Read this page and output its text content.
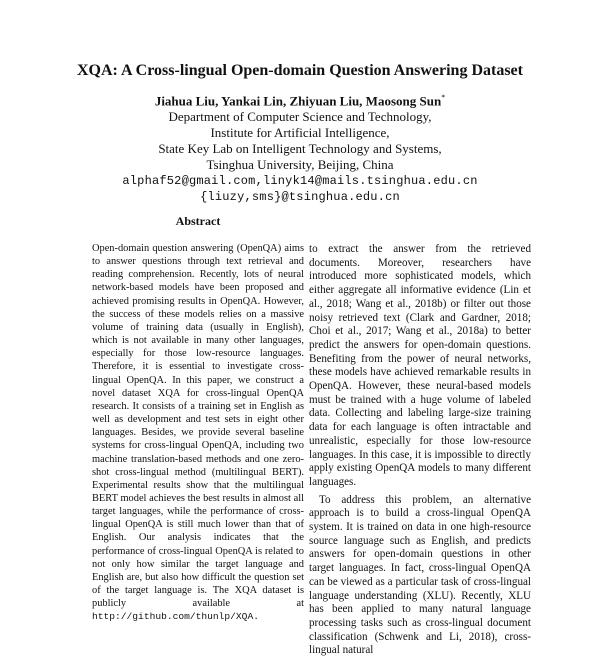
XQA: A Cross-lingual Open-domain Question Answering Dataset
Jiahua Liu, Yankai Lin, Zhiyuan Liu, Maosong Sun*
Department of Computer Science and Technology,
Institute for Artificial Intelligence,
State Key Lab on Intelligent Technology and Systems,
Tsinghua University, Beijing, China
alphaf52@gmail.com,linyk14@mails.tsinghua.edu.cn
{liuzy,sms}@tsinghua.edu.cn
Abstract

Open-domain question answering (OpenQA) aims to answer questions through text retrieval and reading comprehension. Recently, lots of neural network-based models have been proposed and achieved promising results in OpenQA. However, the success of these models relies on a massive volume of training data (usually in English), which is not available in many other languages, especially for those low-resource languages. Therefore, it is essential to investigate cross-lingual OpenQA. In this paper, we construct a novel dataset XQA for cross-lingual OpenQA research. It consists of a training set in English as well as development and test sets in eight other languages. Besides, we provide several baseline systems for cross-lingual OpenQA, including two machine translation-based methods and one zero-shot cross-lingual method (multilingual BERT). Experimental results show that the multilingual BERT model achieves the best results in almost all target languages, while the performance of cross-lingual OpenQA is still much lower than that of English. Our analysis indicates that the performance of cross-lingual OpenQA is related to not only how similar the target language and English are, but also how difficult the question set of the target language is. The XQA dataset is publicly available at http://github.com/thunlp/XQA.

to extract the answer from the retrieved documents. Moreover, researchers have introduced more sophisticated models, which either aggregate all informative evidence (Lin et al., 2018; Wang et al., 2018b) or filter out those noisy retrieved text (Clark and Gardner, 2018; Choi et al., 2017; Wang et al., 2018a) to better predict the answers for open-domain questions. Benefiting from the power of neural networks, these models have achieved remarkable results in OpenQA. However, these neural-based models must be trained with a huge volume of labeled data. Collecting and labeling large-size training data for each language is often intractable and unrealistic, especially for those low-resource languages. In this case, it is impossible to directly apply existing OpenQA models to many different languages.

To address this problem, an alternative approach is to build a cross-lingual OpenQA system. It is trained on data in one high-resource source language such as English, and predicts answers for open-domain questions in other target languages. In fact, cross-lingual OpenQA can be viewed as a particular task of cross-lingual language understanding (XLU). Recently, XLU has been applied to many natural language processing tasks such as cross-lingual document classification (Schwenk and Li, 2018), cross-lingual natural
